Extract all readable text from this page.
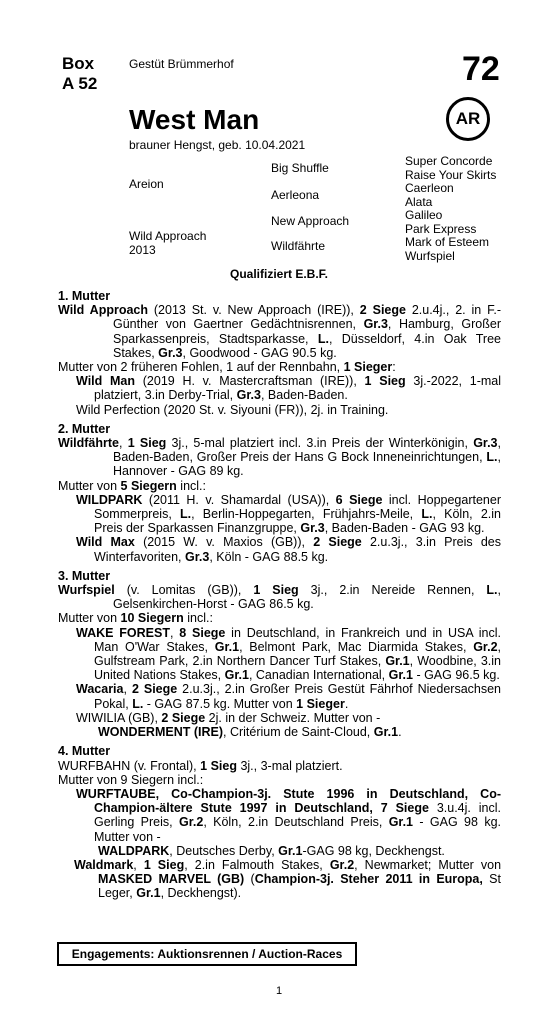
Box
A 52
Gestüt Brümmerhof	72
West Man
brauner Hengst, geb. 10.04.2021
AR
Areion
Wild Approach
2013
Big Shuffle
Aerleona
New Approach
Wildfährte
Super Concorde
Raise Your Skirts
Caerleon
Alata
Galileo
Park Express
Mark of Esteem
Wurfspiel
Qualifiziert E.B.F.

1. Mutter

Wild Approach (2013 St. v. New Approach (IRE)), 2 Siege 2.u.4j., 2. in F.-Günther von Gaertner Gedächtnisrennen, Gr.3, Hamburg, Großer Sparkassenpreis, Stadtsparkasse, L., Düsseldorf, 4.in Oak Tree Stakes, Gr.3, Goodwood - GAG 90.5 kg.

Mutter von 2 früheren Fohlen, 1 auf der Rennbahn, 1 Sieger:

Wild Man (2019 H. v. Mastercraftsman (IRE)), 1 Sieg 3j.-2022, 1-mal platziert, 3.in Derby-Trial, Gr.3, Baden-Baden.

Wild Perfection (2020 St. v. Siyouni (FR)), 2j. in Training.

2. Mutter

Wildfährte, 1 Sieg 3j., 5-mal platziert incl. 3.in Preis der Winterkönigin, Gr.3, Baden-Baden, Großer Preis der Hans G Bock Inneneinrichtungen, L., Hannover - GAG 89 kg.

Mutter von 5 Siegern incl.:

WILDPARK (2011 H. v. Shamardal (USA)), 6 Siege incl. Hoppegartener Sommerpreis, L., Berlin-Hoppegarten, Frühjahrs-Meile, L., Köln, 2.in Preis der Sparkassen Finanzgruppe, Gr.3, Baden-Baden - GAG 93 kg.

Wild Max (2015 W. v. Maxios (GB)), 2 Siege 2.u.3j., 3.in Preis des Winterfavoriten, Gr.3, Köln - GAG 88.5 kg.

3. Mutter

Wurfspiel (v. Lomitas (GB)), 1 Sieg 3j., 2.in Nereide Rennen, L., Gelsenkirchen-Horst - GAG 86.5 kg.

Mutter von 10 Siegern incl.:

WAKE FOREST, 8 Siege in Deutschland, in Frankreich und in USA incl. Man O'War Stakes, Gr.1, Belmont Park, Mac Diarmida Stakes, Gr.2, Gulfstream Park, 2.in Northern Dancer Turf Stakes, Gr.1, Woodbine, 3.in United Nations Stakes, Gr.1, Canadian International, Gr.1 - GAG 96.5 kg.

Wacaria, 2 Siege 2.u.3j., 2.in Großer Preis Gestüt Fährhof Niedersachsen Pokal, L. - GAG 87.5 kg. Mutter von 1 Sieger.

WIWILIA (GB), 2 Siege 2j. in der Schweiz. Mutter von -

WONDERMENT (IRE), Critérium de Saint-Cloud, Gr.1.

4. Mutter

WURFBAHN (v. Frontal), 1 Sieg 3j., 3-mal platziert.

Mutter von 9 Siegern incl.:

WURFTAUBE, Co-Champion-3j. Stute 1996 in Deutschland, Co-Champion-ältere Stute 1997 in Deutschland, 7 Siege 3.u.4j. incl. Gerling Preis, Gr.2, Köln, 2.in Deutschland Preis, Gr.1 - GAG 98 kg. Mutter von -

WALDPARK, Deutsches Derby, Gr.1-GAG 98 kg, Deckhengst.

Waldmark, 1 Sieg, 2.in Falmouth Stakes, Gr.2, Newmarket; Mutter von MASKED MARVEL (GB) (Champion-3j. Steher 2011 in Europa, St Leger, Gr.1, Deckhengst).

Engagements: Auktionsrennen / Auction-Races
1
